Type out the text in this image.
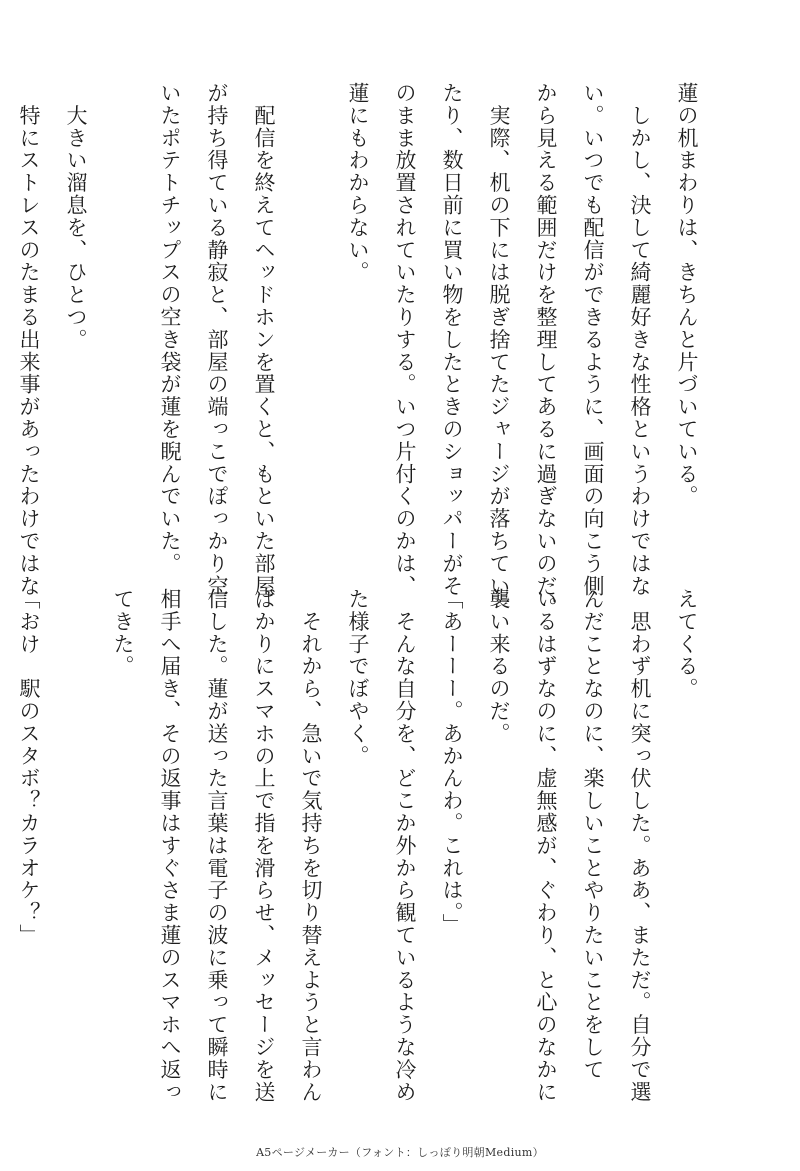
蓮の机まわりは、きちんと片づいている。
　しかし、決して綺麗好きな性格というわけではな
い。いつでも配信ができるように、画面の向こう側
から見える範囲だけを整理してあるに過ぎないのだ。
　実際、机の下には脱ぎ捨てたジャージが落ちてい
たり、数日前に買い物をしたときのショッパーがそ
のまま放置されていたりする。いつ片付くのかは、
蓮にもわからない。

　配信を終えてヘッドホンを置くと、もといた部屋
が持ち得ている静寂と、部屋の端っこでぽっかり空
いたポテトチップスの空き袋が蓮を睨んでいた。

　大きい溜息を、ひとつ。
　特にストレスのたまる出来事があったわけではな
えてくる。
　思わず机に突っ伏した。ああ、まただ。自分で選
んだことなのに、楽しいことやりたいことをして
いるはずなのに、虚無感が、ぐわり、と心のなかに
襲い来るのだ。
「あーーー。あかんわ。これは。」
　そんな自分を、どこか外から観ているような冷め
た様子でぼやく。
　それから、急いで気持ちを切り替えようと言わん
ばかりにスマホの上で指を滑らせ、メッセージを送
信した。蓮が送った言葉は電子の波に乗って瞬時に
相手へ届き、その返事はすぐさま蓮のスマホへ返っ
てきた。

「おけ　駅のスタボ？カラオケ？」

A5ページメーカー（フォント：しっぽり明朝Medium）
